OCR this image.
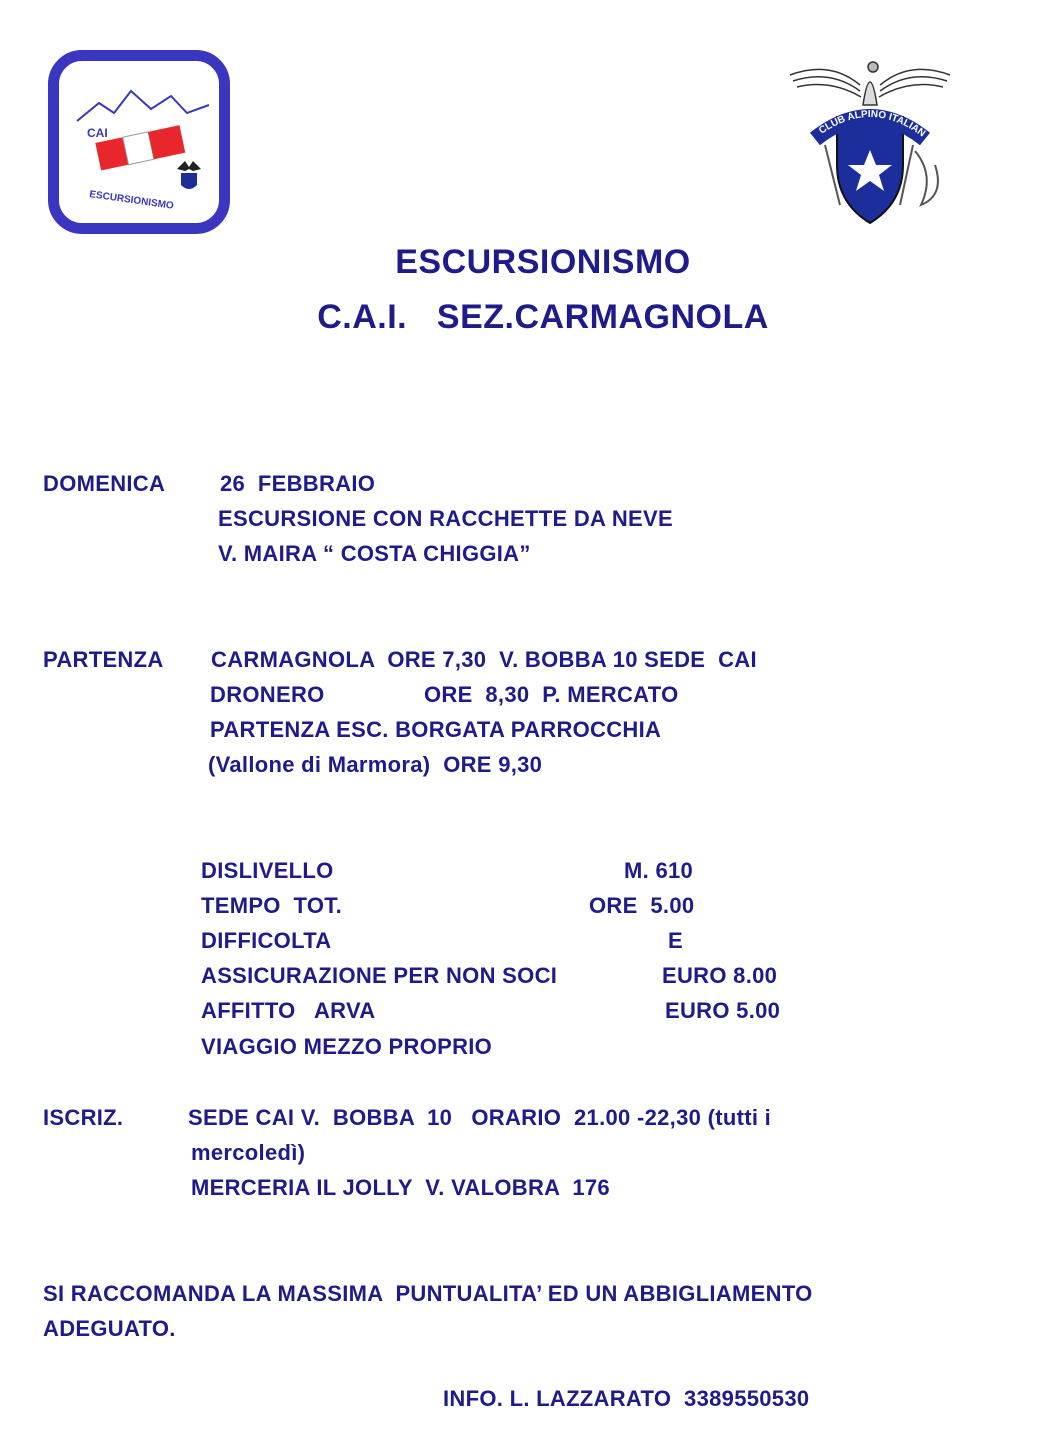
CAI
ESCURSIONISMO
CLUB ALPINO ITALIAN
ESCURSIONISMO
C.A.I.   SEZ.CARMAGNOLA
DOMENICA 26  FEBBRAIO
ESCURSIONE CON RACCHETTE DA NEVE
V. MAIRA “ COSTA CHIGGIA”
PARTENZA CARMAGNOLA  ORE 7,30  V. BOBBA 10 SEDE  CAI
DRONERO	ORE  8,30  P. MERCATO
PARTENZA ESC. BORGATA PARROCCHIA
(Vallone di Marmora)  ORE 9,30
DISLIVELLO	M. 610
TEMPO  TOT.	ORE  5.00
DIFFICOLTA	E
ASSICURAZIONE PER NON SOCI	EURO 8.00
AFFITTO   ARVA	EURO 5.00
VIAGGIO MEZZO PROPRIO
ISCRIZ.	SEDE CAI V.  BOBBA  10   ORARIO  21.00 -22,30 (tutti i
mercoledì)
MERCERIA IL JOLLY  V. VALOBRA  176
SI RACCOMANDA LA MASSIMA  PUNTUALITA’ ED UN ABBIGLIAMENTO
ADEGUATO.
INFO. L. LAZZARATO  3389550530
